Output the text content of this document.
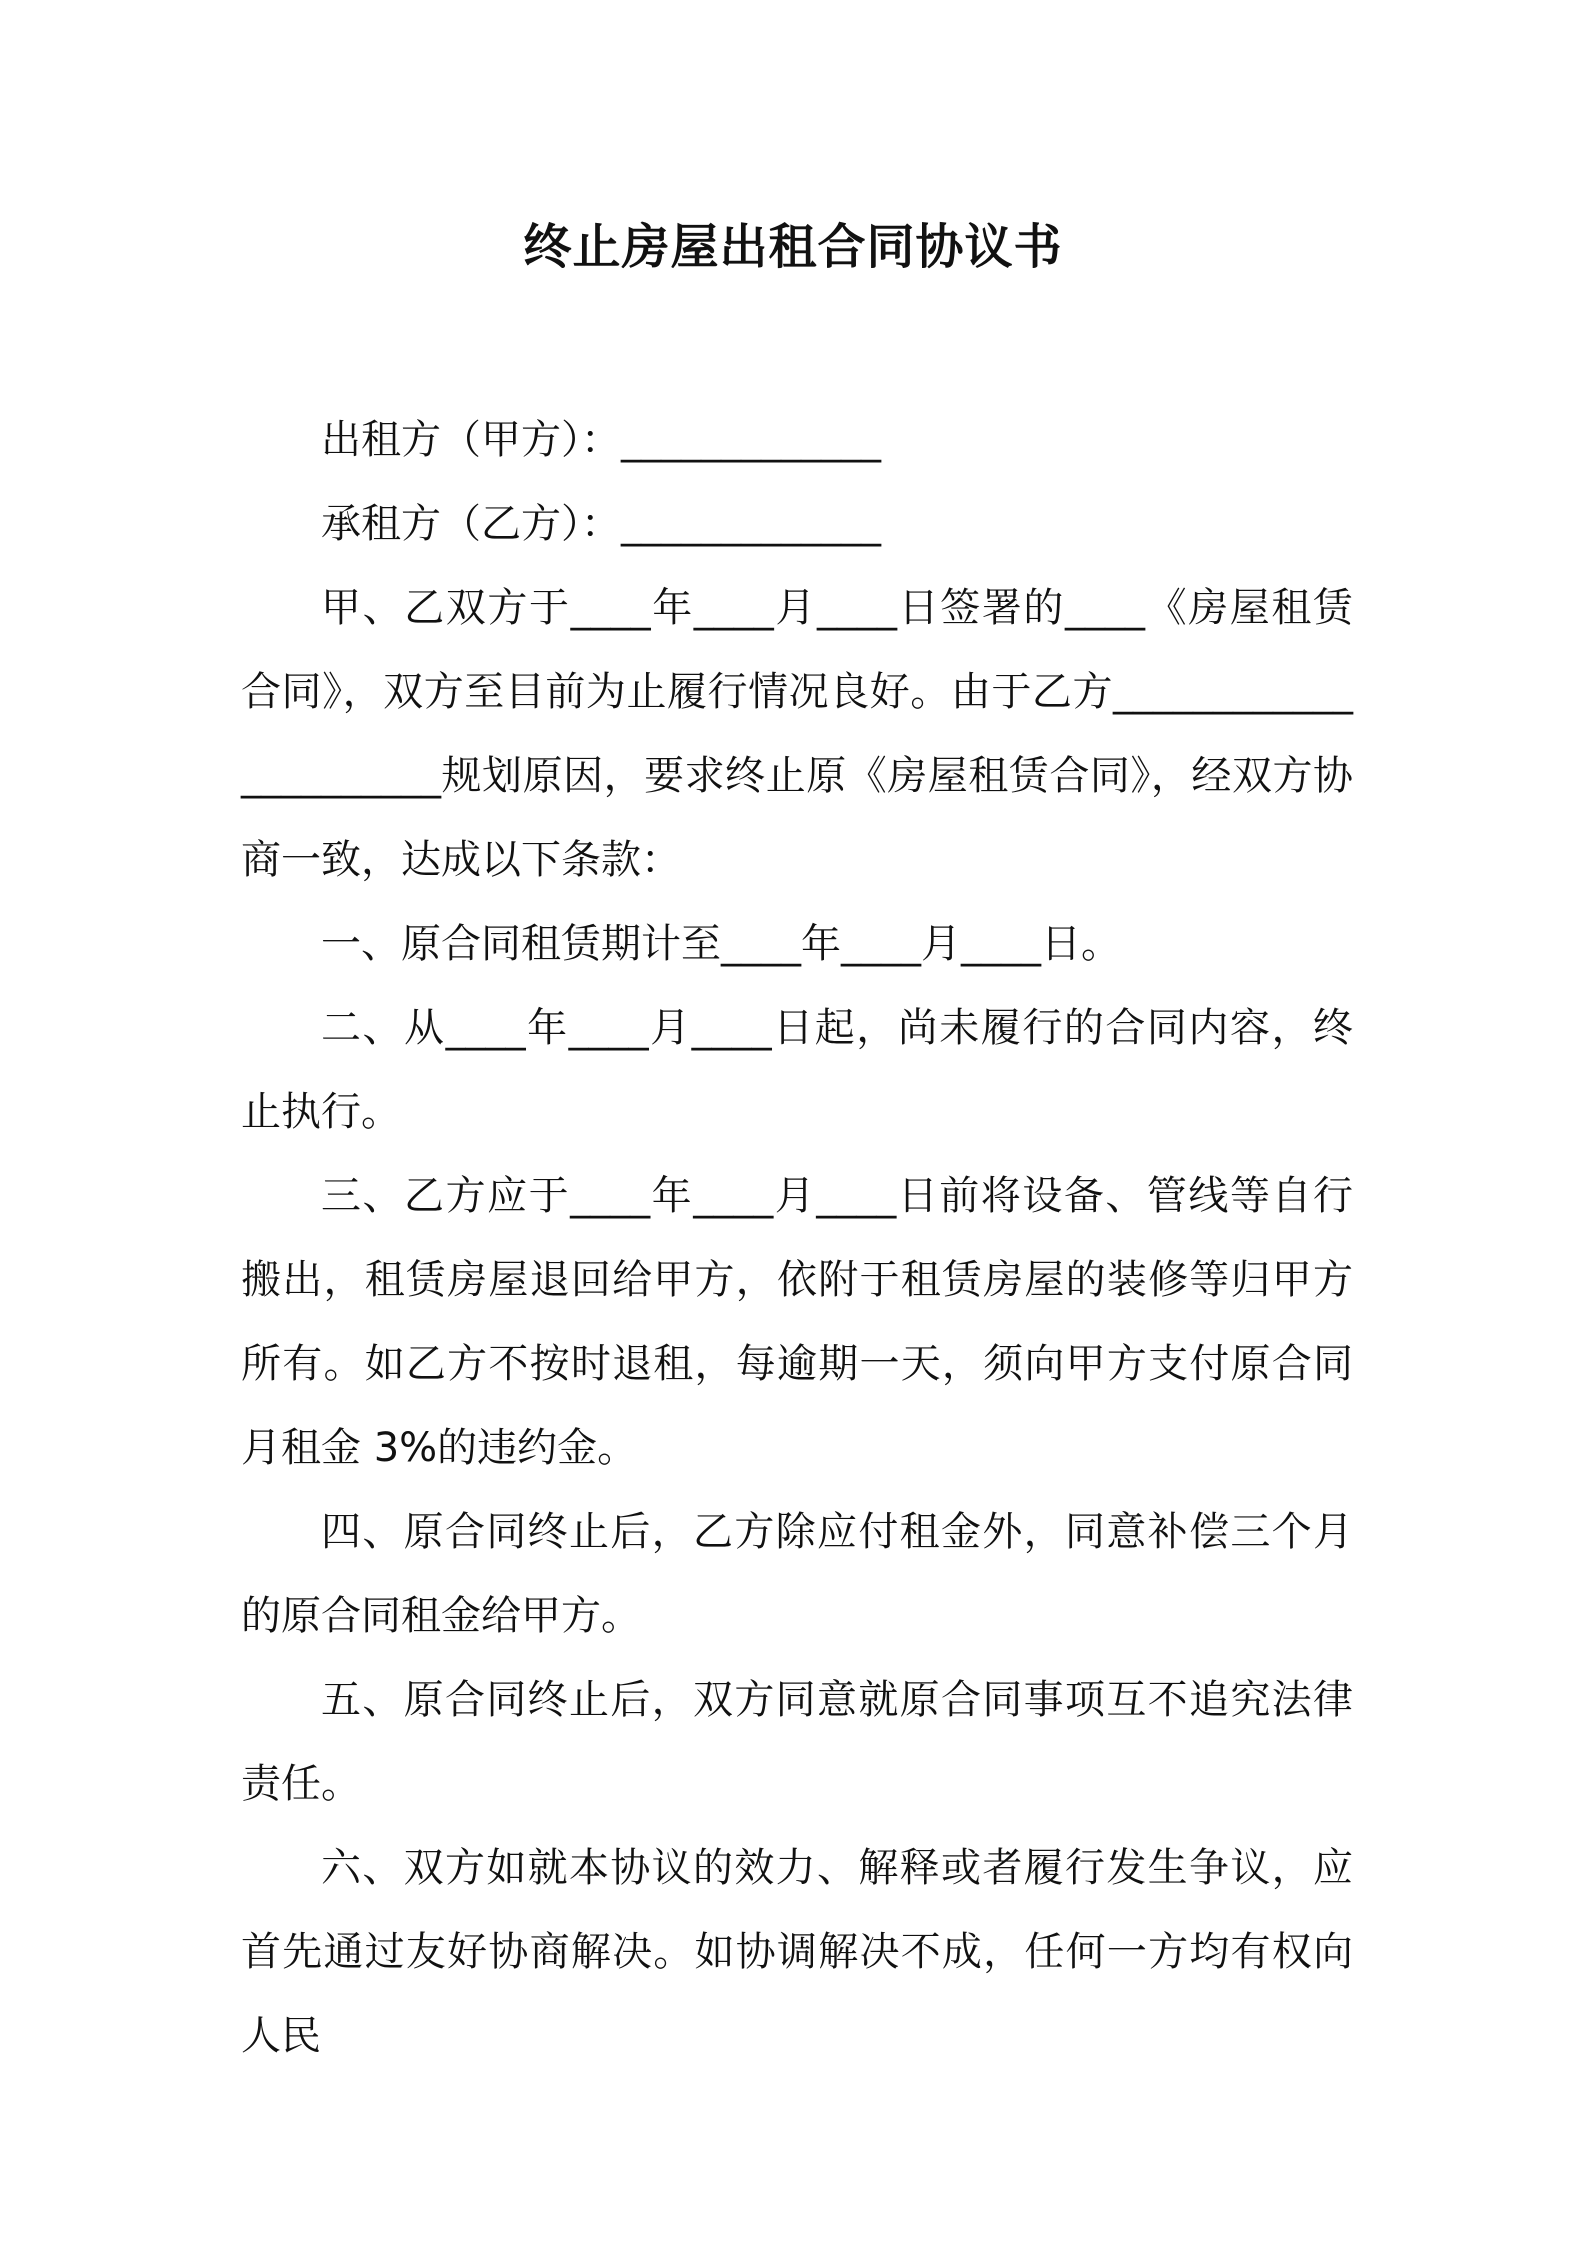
终止房屋出租合同协议书

出租方（甲方）：_____________

承租方（乙方）：_____________

甲、乙双方于____年____月____日签署的____《房屋租赁合同》，双方至目前为止履行情况良好。由于乙方______________________规划原因，要求终止原《房屋租赁合同》，经双方协商一致，达成以下条款：

一、原合同租赁期计至____年____月____日。

二、从____年____月____日起，尚未履行的合同内容，终止执行。

三、乙方应于____年____月____日前将设备、管线等自行搬出，租赁房屋退回给甲方，依附于租赁房屋的装修等归甲方所有。如乙方不按时退租，每逾期一天，须向甲方支付原合同月租金 3%的违约金。

四、原合同终止后，乙方除应付租金外，同意补偿三个月的原合同租金给甲方。

五、原合同终止后，双方同意就原合同事项互不追究法律责任。

六、双方如就本协议的效力、解释或者履行发生争议，应首先通过友好协商解决。如协调解决不成，任何一方均有权向人民
